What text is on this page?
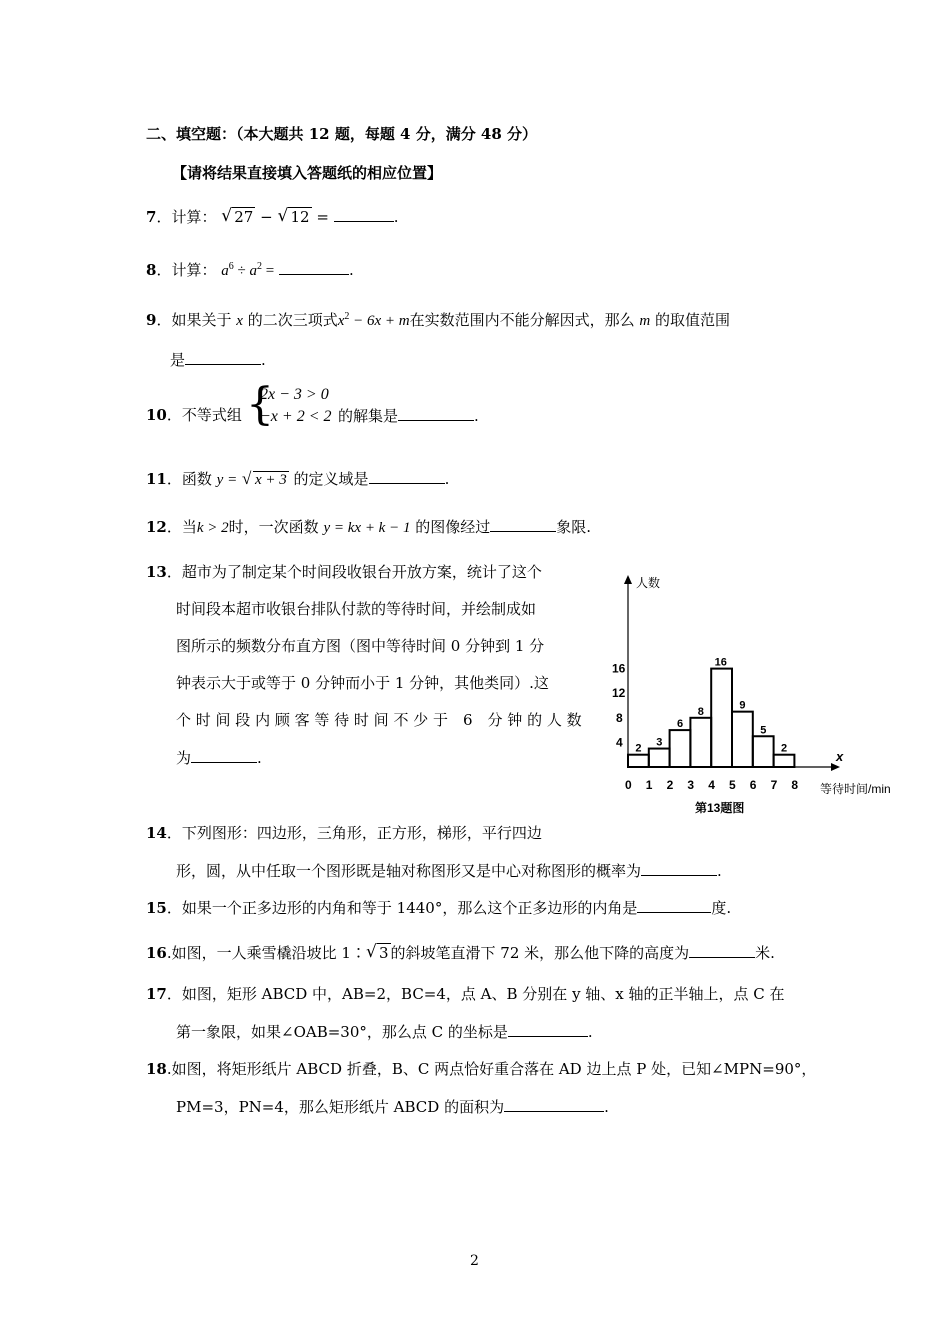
二、填空题：（本大题共 12 题，每题 4 分，满分 48 分）
【请将结果直接填入答题纸的相应位置】
7．计算： √ 27 − √ 12 =	.
8．计算： $a^6 \div a^2$ =	.
9．如果关于 x 的二次三项式$x^2 - 6x + m$在实数范围内不能分解因式，那么 m 的取值范围
是	.
10．不等式组 {
2x − 3 > 0
−x + 2 < 2 的解集是	.
11．函数 y = √ x + 3 的定义域是	.
12．当k > 2时，一次函数 y = kx + k − 1 的图像经过	象限.
13．超市为了制定某个时间段收银台开放方案，统计了这个
时间段本超市收银台排队付款的等待时间，并绘制成如
图所示的频数分布直方图（图中等待时间 0 分钟到 1 分
钟表示大于或等于 0 分钟而小于 1 分钟，其他类同）.这
个 时 间 段 内 顾 客 等 待 时 间 不 少 于　6　分 钟 的 人 数
为	.
人数
x
等待时间/min
第13题图
0 1 2 3 4 5 6 7 8
4
8
12
16
2
3
6
8
16
9
5
2
14．下列图形：四边形，三角形，正方形，梯形，平行四边
形，圆，从中任取一个图形既是轴对称图形又是中心对称图形的概率为	.
15．如果一个正多边形的内角和等于 1440°，那么这个正多边形的内角是	度.
16.如图，一人乘雪橇沿坡比 1∶ √ 3 的斜坡笔直滑下 72 米，那么他下降的高度为	米.
17．如图，矩形 ABCD 中，AB=2，BC=4，点 A、B 分别在 y 轴、x 轴的正半轴上，点 C 在
第一象限，如果∠OAB=30°，那么点 C 的坐标是	.
18.如图，将矩形纸片 ABCD 折叠，B、C 两点恰好重合落在 AD 边上点 P 处，已知∠MPN=90°，
PM=3，PN=4，那么矩形纸片 ABCD 的面积为	.
2
